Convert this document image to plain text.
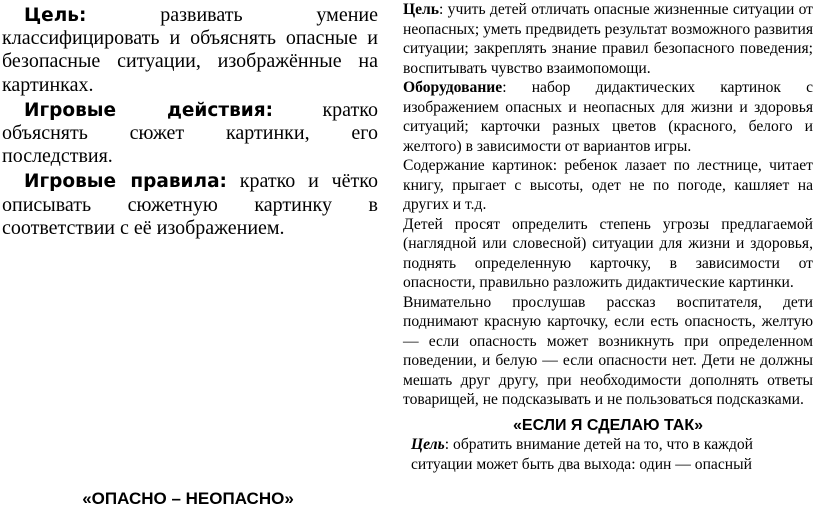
Цель: развивать умение классифицировать и объяснять опасные и безопасные ситуации, изображённые на картинках.

Игровые действия: кратко объяснять сюжет картинки, его последствия.

Игровые правила: кратко и чётко описывать сюжетную картинку в соответствии с её изображением.

«ОПАСНО – НЕОПАСНО»

Цель: учить детей отличать опасные жизненные ситуации от неопасных; уметь предвидеть результат возможного развития ситуации; закреплять знание правил безопасного поведения; воспитывать чувство взаимопомощи.

Оборудование: набор дидактических картинок с изображением опасных и неопасных для жизни и здоровья ситуаций; карточки разных цветов (красного, белого и желтого) в зависимости от вариантов игры.

Содержание картинок: ребенок лазает по лестнице, читает книгу, прыгает с высоты, одет не по погоде, кашляет на других и т.д.

Детей просят определить степень угрозы предлагаемой (наглядной или словесной) ситуации для жизни и здоровья, поднять определенную карточку, в зависимости от опасности, правильно разложить дидактические картинки.

Внимательно прослушав рассказ воспитателя, дети поднимают красную карточку, если есть опасность, желтую — если опасность может возникнуть при определенном поведении, и белую — если опасности нет. Дети не должны мешать друг другу, при необходимости дополнять ответы товарищей, не подсказывать и не пользоваться подсказками.

«ЕСЛИ Я СДЕЛАЮ ТАК»

Цель: обратить внимание детей на то, что в каждой ситуации может быть два выхода: один — опасный
